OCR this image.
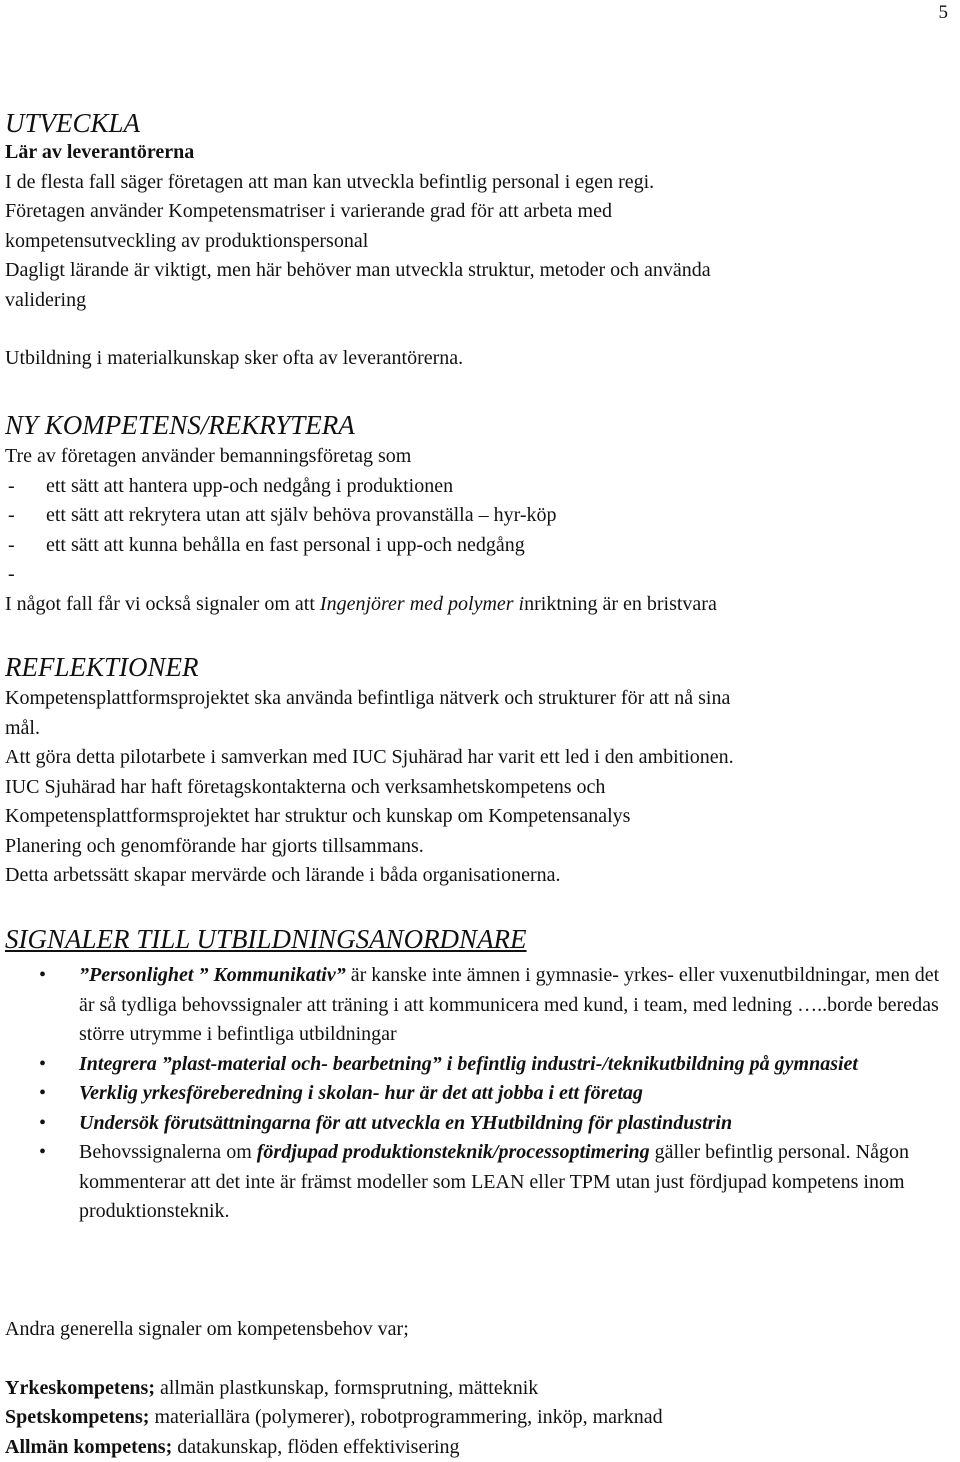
5
UTVECKLA

Lär av leverantörerna

I de flesta fall säger företagen att man kan utveckla befintlig personal i egen regi.

Företagen använder Kompetensmatriser i varierande grad för att arbeta med

kompetensutveckling av produktionspersonal

Dagligt lärande är viktigt, men här behöver man utveckla struktur, metoder och använda

validering

Utbildning i materialkunskap sker ofta av leverantörerna.

NY KOMPETENS/REKRYTERA

Tre av företagen använder bemanningsföretag som

- ett sätt att hantera upp-och nedgång i produktionen

- ett sätt att rekrytera utan att själv behöva provanställa – hyr-köp

- ett sätt att kunna behålla en fast personal i upp-och nedgång

-

I något fall får vi också signaler om att Ingenjörer med polymer inriktning är en bristvara

REFLEKTIONER

Kompetensplattformsprojektet ska använda befintliga nätverk och strukturer för att nå sina

mål.

Att göra detta pilotarbete i samverkan med IUC Sjuhärad har varit ett led i den ambitionen.

IUC Sjuhärad har haft företagskontakterna och verksamhetskompetens och

Kompetensplattformsprojektet har struktur och kunskap om Kompetensanalys

Planering och genomförande har gjorts tillsammans.

Detta arbetssätt skapar mervärde och lärande i båda organisationerna.

SIGNALER TILL UTBILDNINGSANORDNARE
• ”Personlighet ” Kommunikativ” är kanske inte ämnen i gymnasie- yrkes- eller vuxenutbildningar, men det är så tydliga behovssignaler att träning i att kommunicera med kund, i team, med ledning …..borde beredas större utrymme i befintliga utbildningar
• Integrera ”plast-material och- bearbetning” i befintlig industri-/teknikutbildning på gymnasiet
• Verklig yrkesföreberedning i skolan- hur är det att jobba i ett företag
• Undersök förutsättningarna för att utveckla en YHutbildning för plastindustrin
• Behovssignalerna om fördjupad produktionsteknik/processoptimering gäller befintlig personal. Någon kommenterar att det inte är främst modeller som LEAN eller TPM utan just fördjupad kompetens inom produktionsteknik.

Andra generella signaler om kompetensbehov var;

Yrkeskompetens; allmän plastkunskap, formsprutning, mätteknik

Spetskompetens; materiallära (polymerer), robotprogrammering, inköp, marknad

Allmän kompetens; datakunskap, flöden effektivisering
